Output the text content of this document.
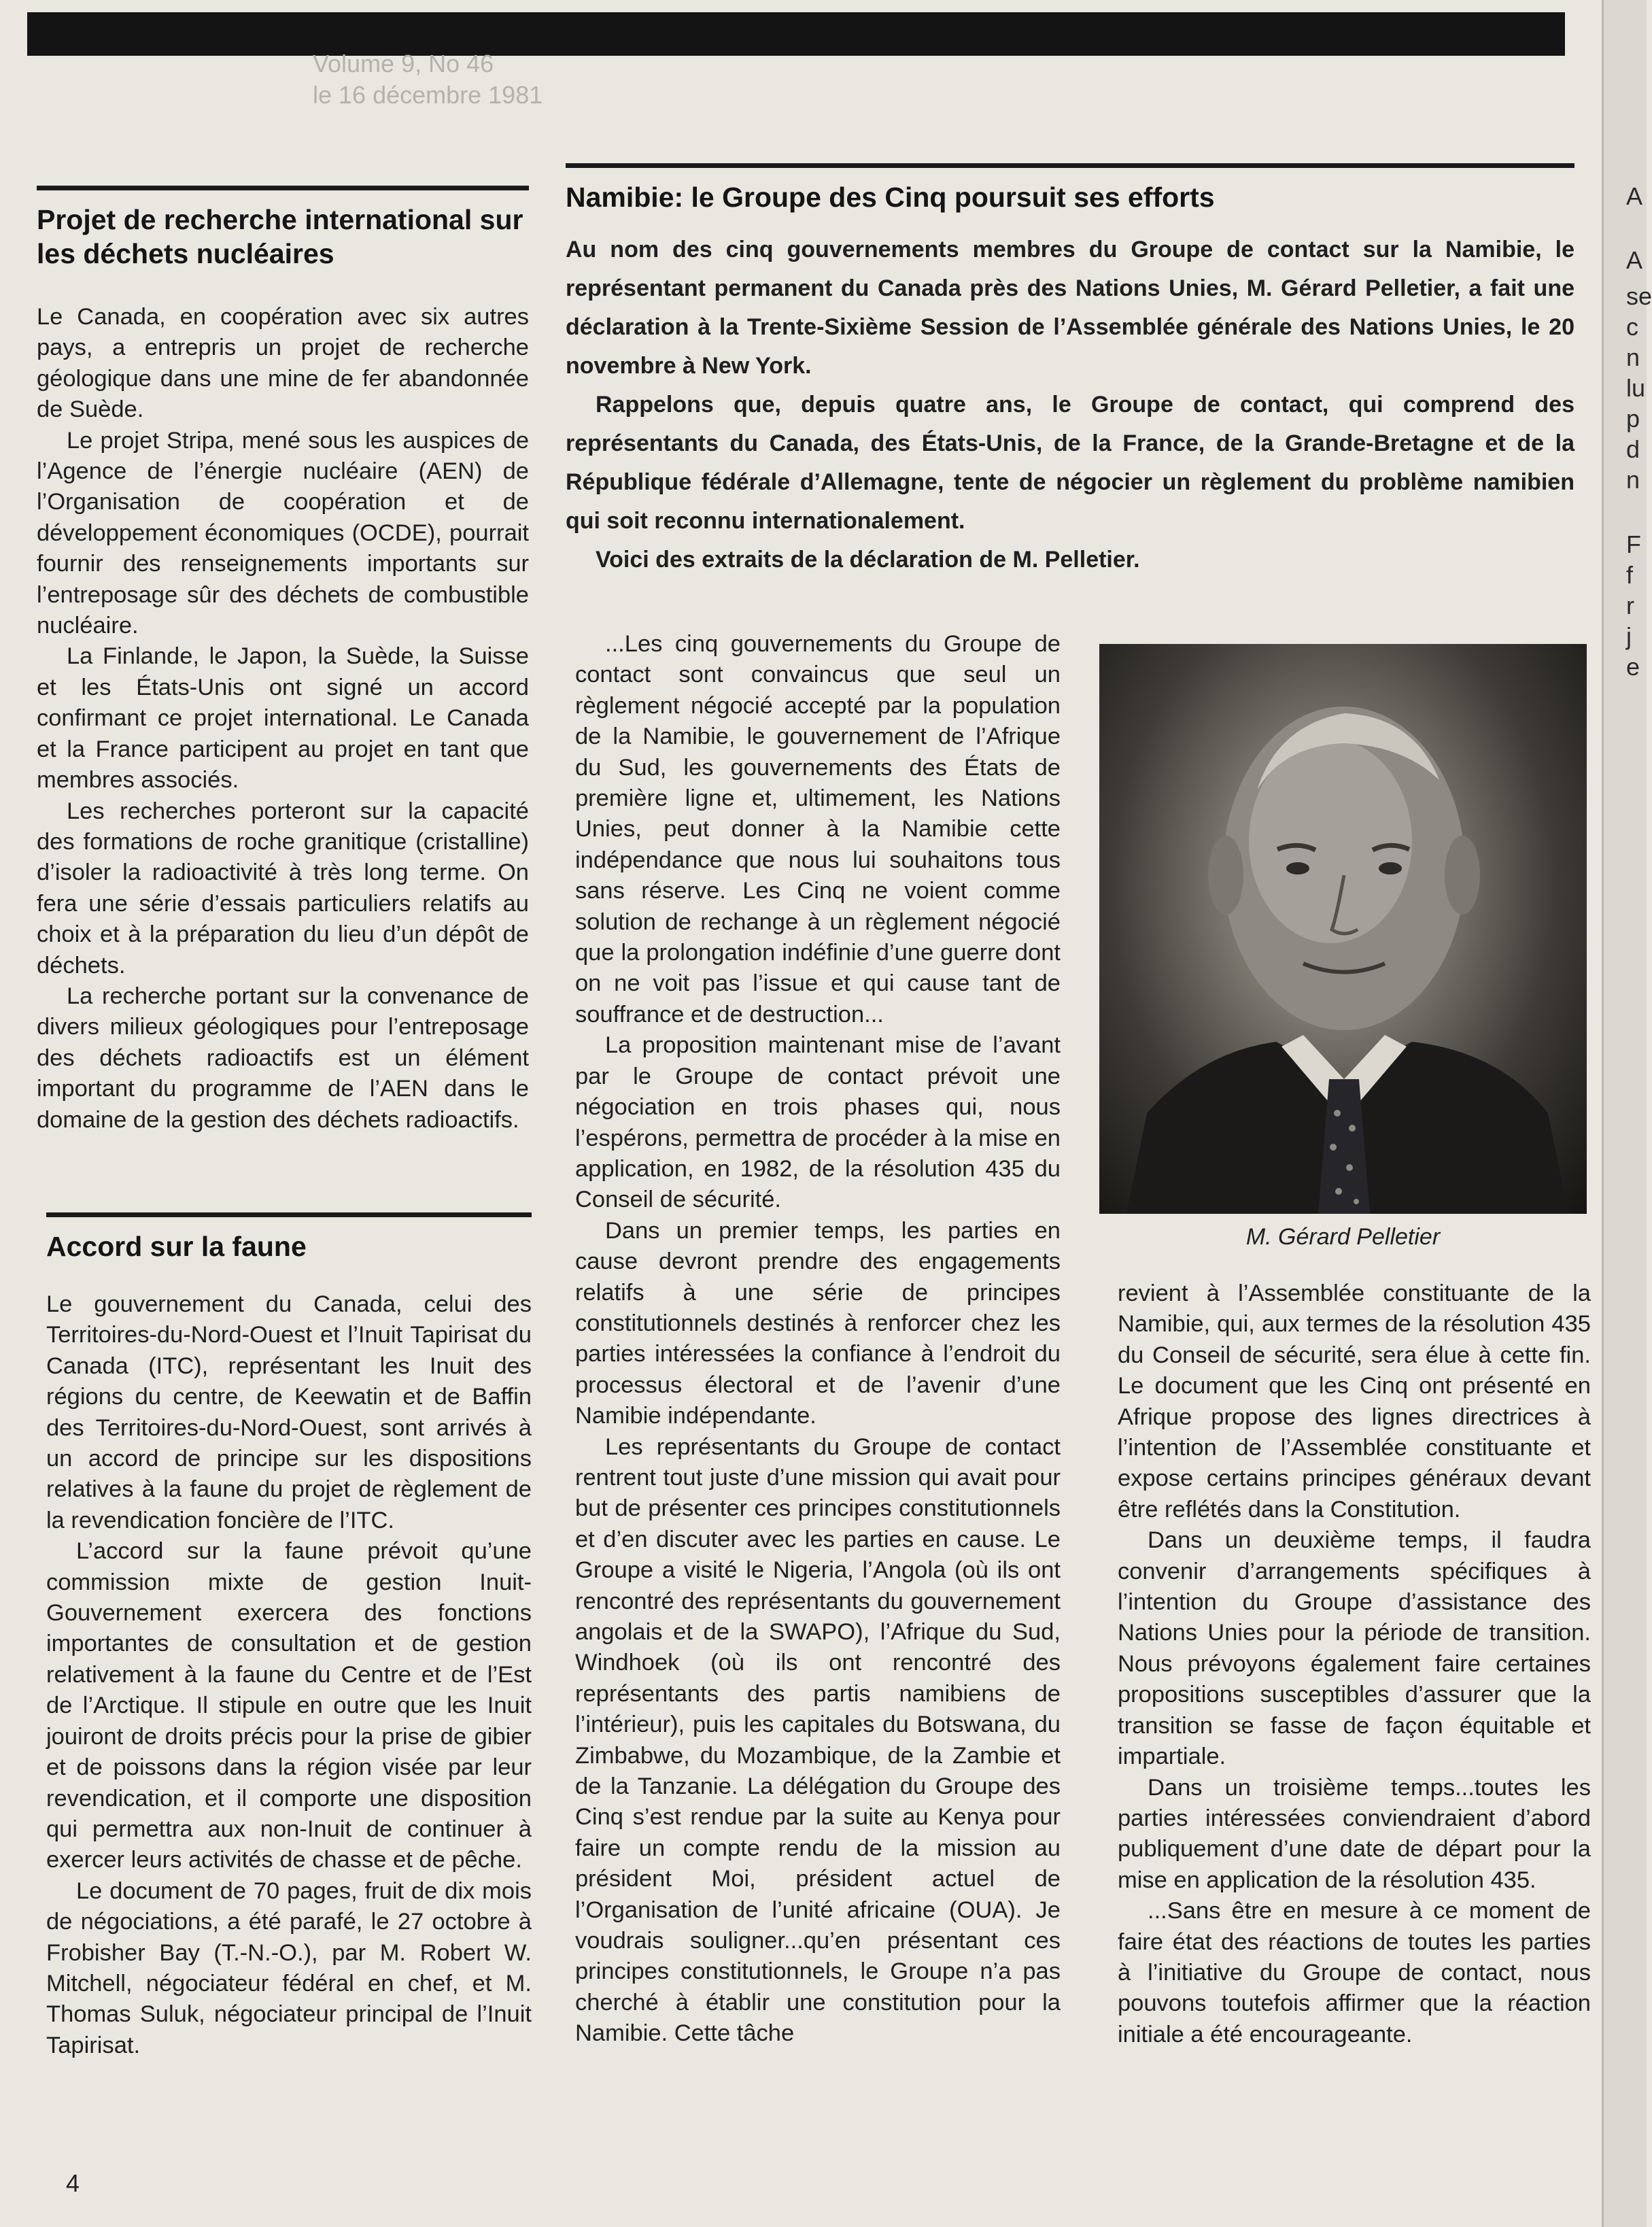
Volume 9, No 46
le 16 décembre 1981
A
A
se
c
n
lu
p
d
n
F
f
r
j
e
Projet de recherche international sur les déchets nucléaires

Le Canada, en coopération avec six autres pays, a entrepris un projet de recherche géologique dans une mine de fer abandonnée de Suède.

Le projet Stripa, mené sous les auspices de l’Agence de l’énergie nucléaire (AEN) de l’Organisation de coopération et de développement économiques (OCDE), pourrait fournir des renseignements importants sur l’entreposage sûr des déchets de combustible nucléaire.

La Finlande, le Japon, la Suède, la Suisse et les États-Unis ont signé un accord confirmant ce projet international. Le Canada et la France participent au projet en tant que membres associés.

Les recherches porteront sur la capacité des formations de roche granitique (cristalline) d’isoler la radioactivité à très long terme. On fera une série d’essais particuliers relatifs au choix et à la préparation du lieu d’un dépôt de déchets.

La recherche portant sur la convenance de divers milieux géologiques pour l’entreposage des déchets radioactifs est un élément important du programme de l’AEN dans le domaine de la gestion des déchets radioactifs.

Accord sur la faune

Le gouvernement du Canada, celui des Territoires-du-Nord-Ouest et l’Inuit Tapirisat du Canada (ITC), représentant les Inuit des régions du centre, de Keewatin et de Baffin des Territoires-du-Nord-Ouest, sont arrivés à un accord de principe sur les dispositions relatives à la faune du projet de règlement de la revendication foncière de l’ITC.

L’accord sur la faune prévoit qu’une commission mixte de gestion Inuit-Gouvernement exercera des fonctions importantes de consultation et de gestion relativement à la faune du Centre et de l’Est de l’Arctique. Il stipule en outre que les Inuit jouiront de droits précis pour la prise de gibier et de poissons dans la région visée par leur revendication, et il comporte une disposition qui permettra aux non-Inuit de continuer à exercer leurs activités de chasse et de pêche.

Le document de 70 pages, fruit de dix mois de négociations, a été parafé, le 27 octobre à Frobisher Bay (T.-N.-O.), par M. Robert W. Mitchell, négociateur fédéral en chef, et M. Thomas Suluk, négociateur principal de l’Inuit Tapirisat.

Namibie: le Groupe des Cinq poursuit ses efforts

Au nom des cinq gouvernements membres du Groupe de contact sur la Namibie, le représentant permanent du Canada près des Nations Unies, M. Gérard Pelletier, a fait une déclaration à la Trente-Sixième Session de l’Assemblée générale des Nations Unies, le 20 novembre à New York.

Rappelons que, depuis quatre ans, le Groupe de contact, qui comprend des représentants du Canada, des États-Unis, de la France, de la Grande-Bretagne et de la République fédérale d’Allemagne, tente de négocier un règlement du problème namibien qui soit reconnu internationalement.

Voici des extraits de la déclaration de M. Pelletier.

...Les cinq gouvernements du Groupe de contact sont convaincus que seul un règlement négocié accepté par la population de la Namibie, le gouvernement de l’Afrique du Sud, les gouvernements des États de première ligne et, ultimement, les Nations Unies, peut donner à la Namibie cette indépendance que nous lui souhaitons tous sans réserve. Les Cinq ne voient comme solution de rechange à un règlement négocié que la prolongation indéfinie d’une guerre dont on ne voit pas l’issue et qui cause tant de souffrance et de destruction...

La proposition maintenant mise de l’avant par le Groupe de contact prévoit une négociation en trois phases qui, nous l’espérons, permettra de procéder à la mise en application, en 1982, de la résolution 435 du Conseil de sécurité.

Dans un premier temps, les parties en cause devront prendre des engagements relatifs à une série de principes constitutionnels destinés à renforcer chez les parties intéressées la confiance à l’endroit du processus électoral et de l’avenir d’une Namibie indépendante.

Les représentants du Groupe de contact rentrent tout juste d’une mission qui avait pour but de présenter ces principes constitutionnels et d’en discuter avec les parties en cause. Le Groupe a visité le Nigeria, l’Angola (où ils ont rencontré des représentants du gouvernement angolais et de la SWAPO), l’Afrique du Sud, Windhoek (où ils ont rencontré des représentants des partis namibiens de l’intérieur), puis les capitales du Botswana, du Zimbabwe, du Mozambique, de la Zambie et de la Tanzanie. La délégation du Groupe des Cinq s’est rendue par la suite au Kenya pour faire un compte rendu de la mission au président Moi, président actuel de l’Organisation de l’unité africaine (OUA). Je voudrais souligner...qu’en présentant ces principes constitutionnels, le Groupe n’a pas cherché à établir une constitution pour la Namibie. Cette tâche

M. Gérard Pelletier

revient à l’Assemblée constituante de la Namibie, qui, aux termes de la résolution 435 du Conseil de sécurité, sera élue à cette fin. Le document que les Cinq ont présenté en Afrique propose des lignes directrices à l’intention de l’Assemblée constituante et expose certains principes généraux devant être reflétés dans la Constitution.

Dans un deuxième temps, il faudra convenir d’arrangements spécifiques à l’intention du Groupe d’assistance des Nations Unies pour la période de transition. Nous prévoyons également faire certaines propositions susceptibles d’assurer que la transition se fasse de façon équitable et impartiale.

Dans un troisième temps...toutes les parties intéressées conviendraient d’abord publiquement d’une date de départ pour la mise en application de la résolution 435.

...Sans être en mesure à ce moment de faire état des réactions de toutes les parties à l’initiative du Groupe de contact, nous pouvons toutefois affirmer que la réaction initiale a été encourageante.

4
